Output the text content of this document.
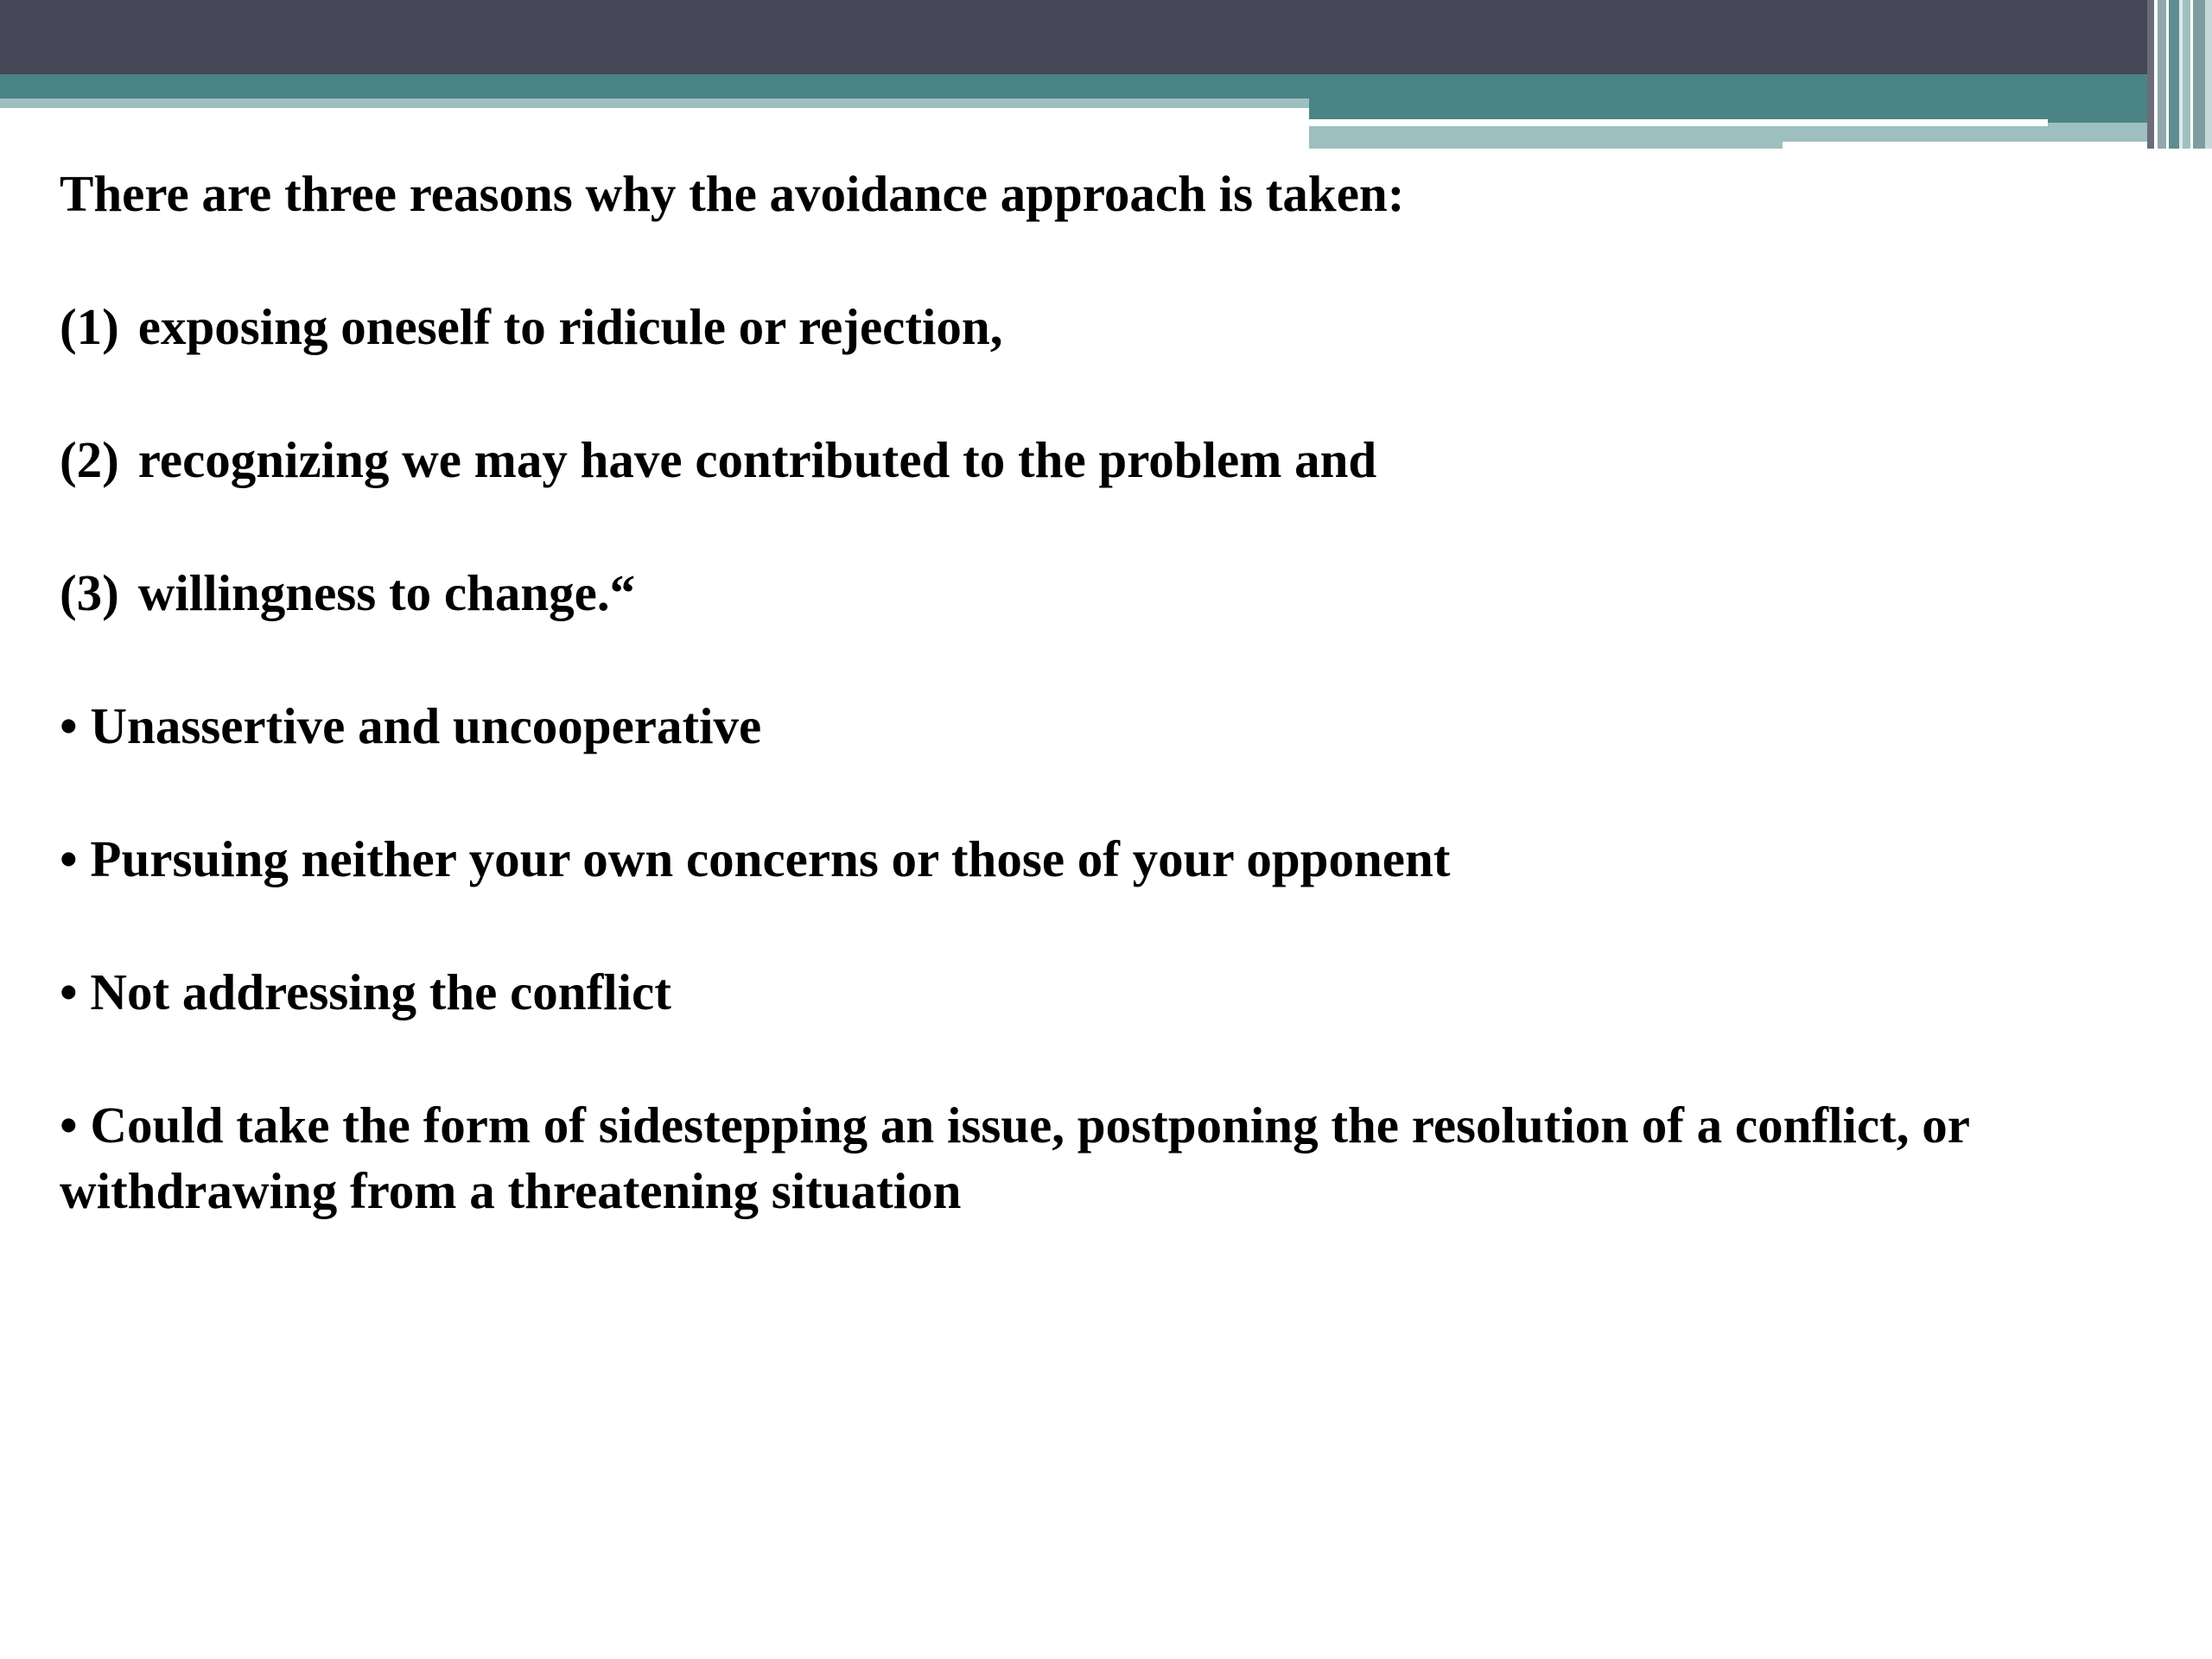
There are three reasons why the avoidance approach is taken:
(1) exposing oneself to ridicule or rejection,
(2) recognizing we may have contributed to the problem and
(3) willingness to change.“
• Unassertive and uncooperative
• Pursuing neither your own concerns or those of your opponent
• Not addressing the conflict
• Could take the form of sidestepping an issue, postponing the resolution of a conflict, or withdrawing from a threatening situation
